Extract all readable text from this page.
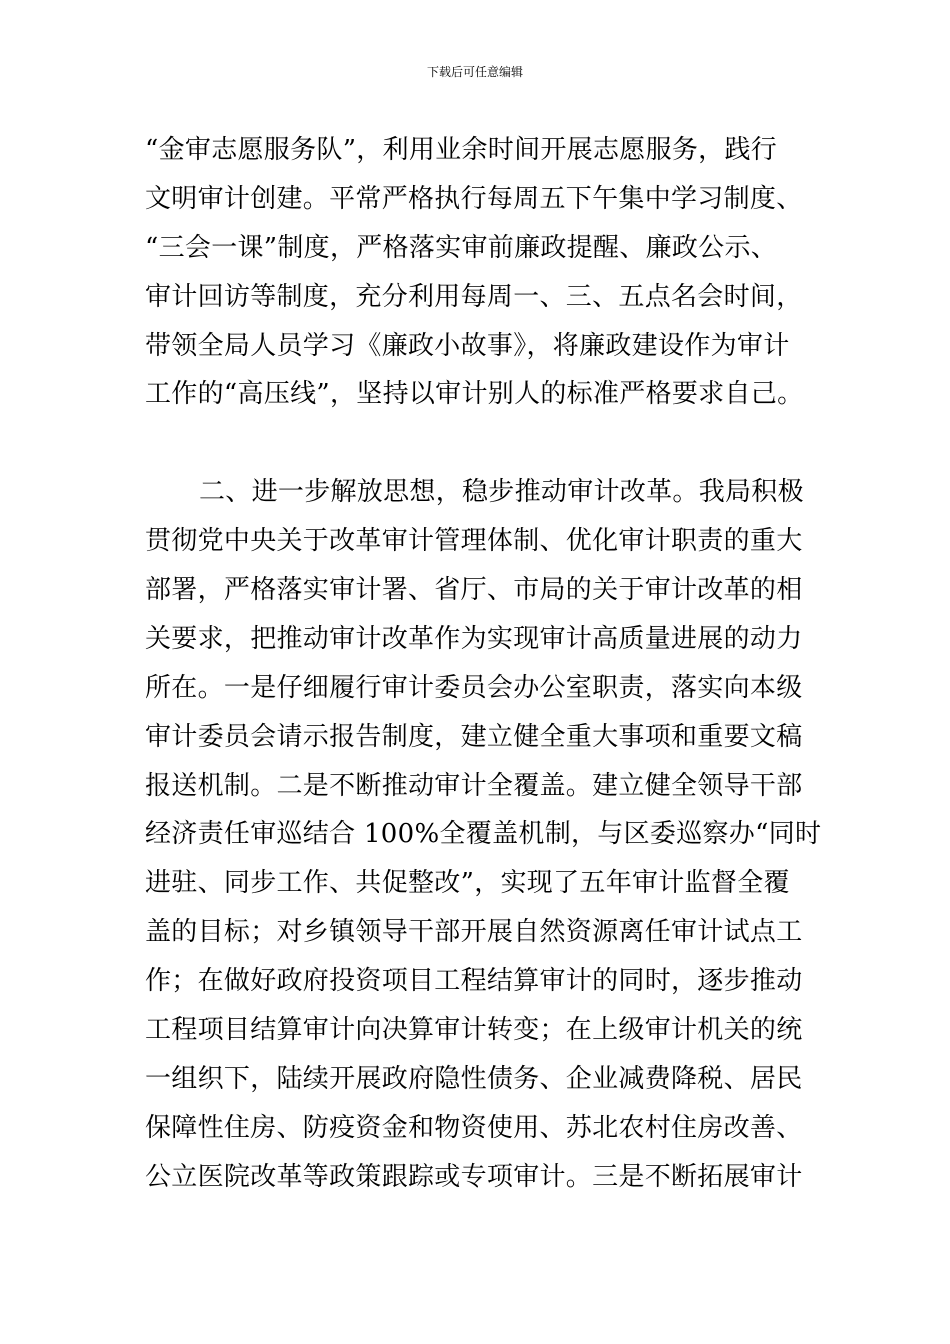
下载后可任意编辑
“金审志愿服务队”，利用业余时间开展志愿服务，践行
文明审计创建。平常严格执行每周五下午集中学习制度、
“三会一课”制度，严格落实审前廉政提醒、廉政公示、
审计回访等制度，充分利用每周一、三、五点名会时间，
带领全局人员学习《廉政小故事》，将廉政建设作为审计
工作的“高压线”，坚持以审计别人的标准严格要求自己。
二、进一步解放思想，稳步推动审计改革。我局积极
贯彻党中央关于改革审计管理体制、优化审计职责的重大
部署，严格落实审计署、省厅、市局的关于审计改革的相
关要求，把推动审计改革作为实现审计高质量进展的动力
所在。一是仔细履行审计委员会办公室职责，落实向本级
审计委员会请示报告制度，建立健全重大事项和重要文稿
报送机制。二是不断推动审计全覆盖。建立健全领导干部
经济责任审巡结合 100%全覆盖机制，与区委巡察办“同时
进驻、同步工作、共促整改”，实现了五年审计监督全覆
盖的目标；对乡镇领导干部开展自然资源离任审计试点工
作；在做好政府投资项目工程结算审计的同时，逐步推动
工程项目结算审计向决算审计转变；在上级审计机关的统
一组织下，陆续开展政府隐性债务、企业减费降税、居民
保障性住房、防疫资金和物资使用、苏北农村住房改善、
公立医院改革等政策跟踪或专项审计。三是不断拓展审计
